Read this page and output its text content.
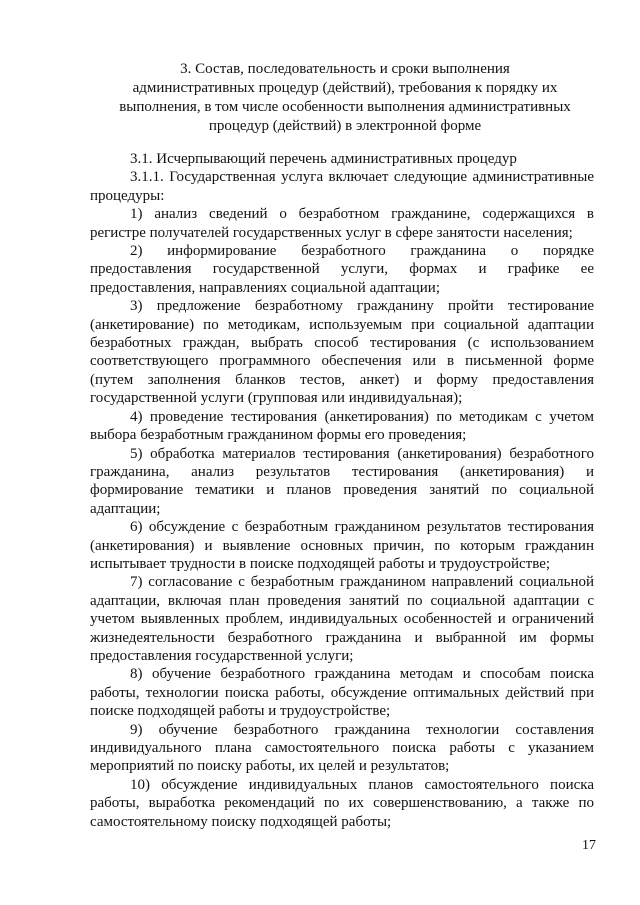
3. Состав, последовательность и сроки выполнения
административных процедур (действий), требования к порядку их
выполнения, в том числе особенности выполнения административных
процедур (действий) в электронной форме

3.1. Исчерпывающий перечень административных процедур

3.1.1. Государственная услуга включает следующие административные процедуры:

1) анализ сведений о безработном гражданине, содержащихся в регистре получателей государственных услуг в сфере занятости населения;

2) информирование безработного гражданина о порядке предоставления государственной услуги, формах и графике ее предоставления, направлениях социальной адаптации;

3) предложение безработному гражданину пройти тестирование (анкетирование) по методикам, используемым при социальной адаптации безработных граждан, выбрать способ тестирования (с использованием соответствующего программного обеспечения или в письменной форме (путем заполнения бланков тестов, анкет) и форму предоставления государственной услуги (групповая или индивидуальная);

4) проведение тестирования (анкетирования) по методикам с учетом выбора безработным гражданином формы его проведения;

5) обработка материалов тестирования (анкетирования) безработного гражданина, анализ результатов тестирования (анкетирования) и формирование тематики и планов проведения занятий по социальной адаптации;

6) обсуждение с безработным гражданином результатов тестирования (анкетирования) и выявление основных причин, по которым гражданин испытывает трудности в поиске подходящей работы и трудоустройстве;

7) согласование с безработным гражданином направлений социальной адаптации, включая план проведения занятий по социальной адаптации с учетом выявленных проблем, индивидуальных особенностей и ограничений жизнедеятельности безработного гражданина и выбранной им формы предоставления государственной услуги;

8) обучение безработного гражданина методам и способам поиска работы, технологии поиска работы, обсуждение оптимальных действий при поиске подходящей работы и трудоустройстве;

9) обучение безработного гражданина технологии составления индивидуального плана самостоятельного поиска работы с указанием мероприятий по поиску работы, их целей и результатов;

10) обсуждение индивидуальных планов самостоятельного поиска работы, выработка рекомендаций по их совершенствованию, а также по самостоятельному поиску подходящей работы;

17
